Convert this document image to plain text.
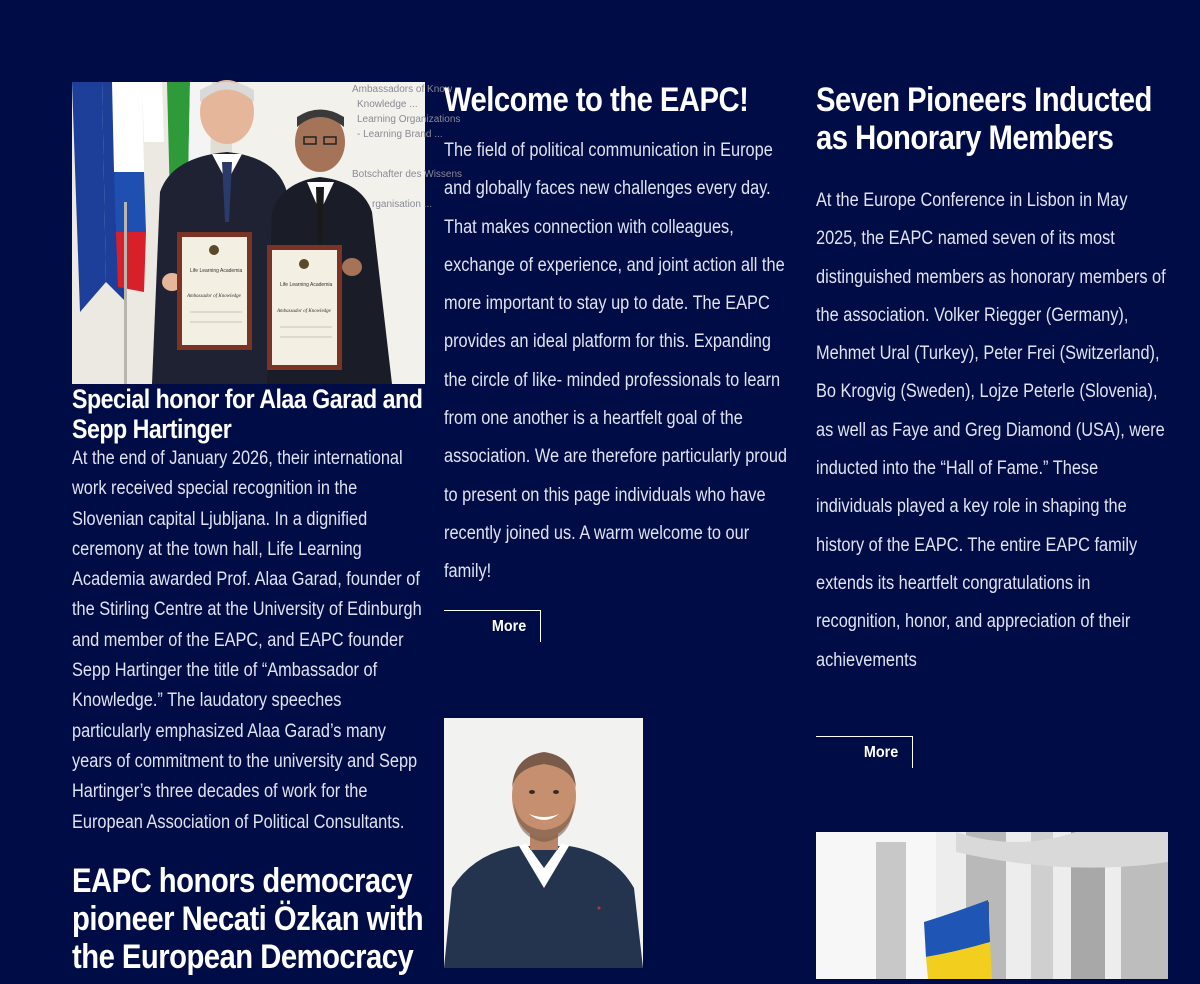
Ambassadors of Know
Knowledge ...
Learning Organizations
- Learning Brand ...
Botschafter des Wissens
rganisation ...
Life Learning Academia
Ambassador of Knowledge
Life Learning Academia
Ambassador of Knowledge
Special honor for Alaa Garad and Sepp Hartinger

At the end of January 2026, their international work received special recognition in the Slovenian capital Ljubljana. In a dignified ceremony at the town hall, Life Learning Academia awarded Prof. Alaa Garad, founder of the Stirling Centre at the University of Edinburgh and member of the EAPC, and EAPC founder Sepp Hartinger the title of “Ambassador of Knowledge.” The laudatory speeches particularly emphasized Alaa Garad’s many years of commitment to the university and Sepp Hartinger’s three decades of work for the European Association of Political Consultants.

EAPC honors democracy pioneer Necati Özkan with the European Democracy
Welcome to the EAPC!

The field of political communication in Europe and globally faces new challenges every day. That makes connection with colleagues, exchange of experience, and joint action all the more important to stay up to date. The EAPC provides an ideal platform for this. Expanding the circle of like- minded professionals to learn from one another is a heartfelt goal of the association. We are therefore particularly proud to present on this page individuals who have recently joined us. A warm welcome to our family!

More
Seven Pioneers Inducted as Honorary Members

At the Europe Conference in Lisbon in May 2025, the EAPC named seven of its most distinguished members as honorary members of the association. Volker Riegger (Germany), Mehmet Ural (Turkey), Peter Frei (Switzerland), Bo Krogvig (Sweden), Lojze Peterle (Slovenia), as well as Faye and Greg Diamond (USA), were inducted into the “Hall of Fame.” These individuals played a key role in shaping the history of the EAPC. The entire EAPC family extends its heartfelt congratulations in recognition, honor, and appreciation of their achievements

More
